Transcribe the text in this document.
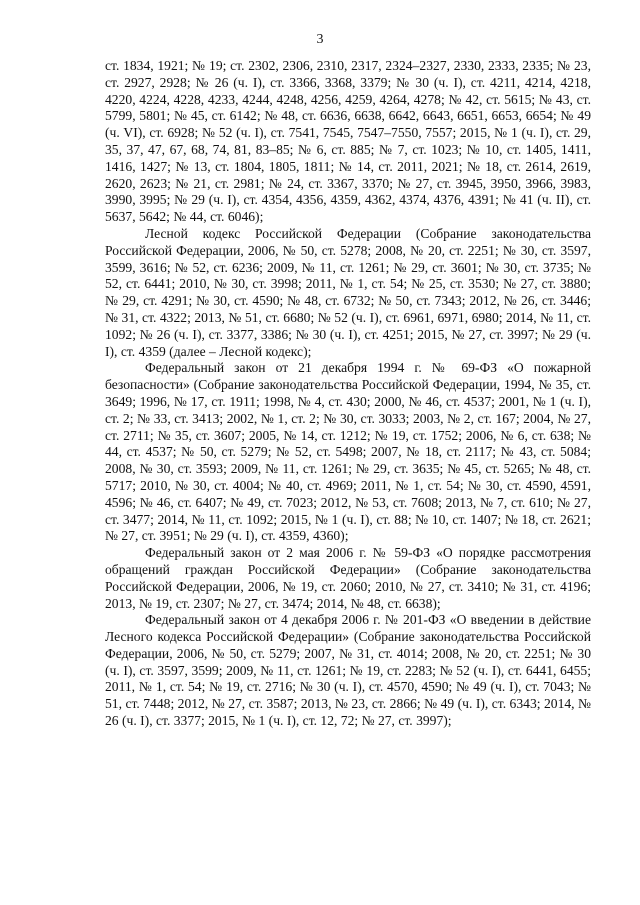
3

ст. 1834, 1921; № 19; ст. 2302, 2306, 2310, 2317, 2324–2327, 2330, 2333, 2335; № 23, ст. 2927, 2928; № 26 (ч. I), ст. 3366, 3368, 3379; № 30 (ч. I), ст. 4211, 4214, 4218, 4220, 4224, 4228, 4233, 4244, 4248, 4256, 4259, 4264, 4278; № 42, ст. 5615; № 43, ст. 5799, 5801; № 45, ст. 6142; № 48, ст. 6636, 6638, 6642, 6643, 6651, 6653, 6654; № 49 (ч. VI), ст. 6928; № 52 (ч. I), ст. 7541, 7545, 7547–7550, 7557; 2015, № 1 (ч. I), ст. 29, 35, 37, 47, 67, 68, 74, 81, 83–85; № 6, ст. 885; № 7, ст. 1023; № 10, ст. 1405, 1411, 1416, 1427; № 13, ст. 1804, 1805, 1811; № 14, ст. 2011, 2021; № 18, ст. 2614, 2619, 2620, 2623; № 21, ст. 2981; № 24, ст. 3367, 3370; № 27, ст. 3945, 3950, 3966, 3983, 3990, 3995; № 29 (ч. I), ст. 4354, 4356, 4359, 4362, 4374, 4376, 4391; № 41 (ч. II), ст. 5637, 5642; № 44, ст. 6046);

Лесной кодекс Российской Федерации (Собрание законодательства Российской Федерации, 2006, № 50, ст. 5278; 2008, № 20, ст. 2251; № 30, ст. 3597, 3599, 3616; № 52, ст. 6236; 2009, № 11, ст. 1261; № 29, ст. 3601; № 30, ст. 3735; № 52, ст. 6441; 2010, № 30, ст. 3998; 2011, № 1, ст. 54; № 25, ст. 3530; № 27, ст. 3880; № 29, ст. 4291; № 30, ст. 4590; № 48, ст. 6732; № 50, ст. 7343; 2012, № 26, ст. 3446; № 31, ст. 4322; 2013, № 51, ст. 6680; № 52 (ч. I), ст. 6961, 6971, 6980; 2014, № 11, ст. 1092; № 26 (ч. I), ст. 3377, 3386; № 30 (ч. I), ст. 4251; 2015, № 27, ст. 3997; № 29 (ч. I), ст. 4359 (далее – Лесной кодекс);

Федеральный закон от 21 декабря 1994 г. № 69-ФЗ «О пожарной безопасности» (Собрание законодательства Российской Федерации, 1994, № 35, ст. 3649; 1996, № 17, ст. 1911; 1998, № 4, ст. 430; 2000, № 46, ст. 4537; 2001, № 1 (ч. I), ст. 2; № 33, ст. 3413; 2002, № 1, ст. 2; № 30, ст. 3033; 2003, № 2, ст. 167; 2004, № 27, ст. 2711; № 35, ст. 3607; 2005, № 14, ст. 1212; № 19, ст. 1752; 2006, № 6, ст. 638; № 44, ст. 4537; № 50, ст. 5279; № 52, ст. 5498; 2007, № 18, ст. 2117; № 43, ст. 5084; 2008, № 30, ст. 3593; 2009, № 11, ст. 1261; № 29, ст. 3635; № 45, ст. 5265; № 48, ст. 5717; 2010, № 30, ст. 4004; № 40, ст. 4969; 2011, № 1, ст. 54; № 30, ст. 4590, 4591, 4596; № 46, ст. 6407; № 49, ст. 7023; 2012, № 53, ст. 7608; 2013, № 7, ст. 610; № 27, ст. 3477; 2014, № 11, ст. 1092; 2015, № 1 (ч. I), ст. 88; № 10, ст. 1407; № 18, ст. 2621; № 27, ст. 3951; № 29 (ч. I), ст. 4359, 4360);

Федеральный закон от 2 мая 2006 г. № 59-ФЗ «О порядке рассмотрения обращений граждан Российской Федерации» (Собрание законодательства Российской Федерации, 2006, № 19, ст. 2060; 2010, № 27, ст. 3410; № 31, ст. 4196; 2013, № 19, ст. 2307; № 27, ст. 3474; 2014, № 48, ст. 6638);

Федеральный закон от 4 декабря 2006 г. № 201-ФЗ «О введении в действие Лесного кодекса Российской Федерации» (Собрание законодательства Российской Федерации, 2006, № 50, ст. 5279; 2007, № 31, ст. 4014; 2008, № 20, ст. 2251; № 30 (ч. I), ст. 3597, 3599; 2009, № 11, ст. 1261; № 19, ст. 2283; № 52 (ч. I), ст. 6441, 6455; 2011, № 1, ст. 54; № 19, ст. 2716; № 30 (ч. I), ст. 4570, 4590; № 49 (ч. I), ст. 7043; № 51, ст. 7448; 2012, № 27, ст. 3587; 2013, № 23, ст. 2866; № 49 (ч. I), ст. 6343; 2014, № 26 (ч. I), ст. 3377; 2015, № 1 (ч. I), ст. 12, 72; № 27, ст. 3997);
